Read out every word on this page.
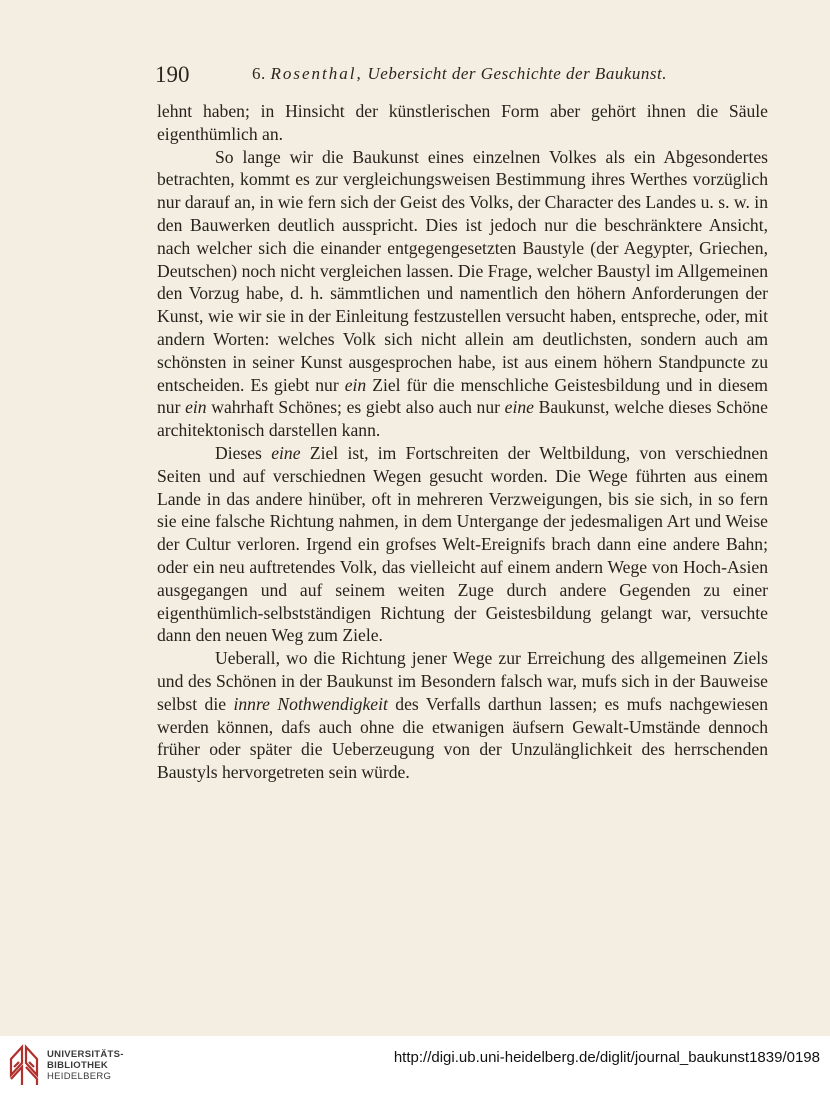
190	6. Rosenthal, Uebersicht der Geschichte der Baukunst.

lehnt haben; in Hinsicht der künstlerischen Form aber gehört ihnen die Säule eigenthümlich an.

So lange wir die Baukunst eines einzelnen Volkes als ein Abgesondertes betrachten, kommt es zur vergleichungsweisen Bestimmung ihres Werthes vorzüglich nur darauf an, in wie fern sich der Geist des Volks, der Character des Landes u. s. w. in den Bauwerken deutlich ausspricht. Dies ist jedoch nur die beschränktere Ansicht, nach welcher sich die einander entgegengesetzten Baustyle (der Aegypter, Griechen, Deutschen) noch nicht vergleichen lassen. Die Frage, welcher Baustyl im Allgemeinen den Vorzug habe, d. h. sämmtlichen und namentlich den höhern Anforderungen der Kunst, wie wir sie in der Einleitung festzustellen versucht haben, entspreche, oder, mit andern Worten: welches Volk sich nicht allein am deutlichsten, sondern auch am schönsten in seiner Kunst ausgesprochen habe, ist aus einem höhern Standpuncte zu entscheiden. Es giebt nur ein Ziel für die menschliche Geistesbildung und in diesem nur ein wahrhaft Schönes; es giebt also auch nur eine Baukunst, welche dieses Schöne architektonisch darstellen kann.

Dieses eine Ziel ist, im Fortschreiten der Weltbildung, von verschiednen Seiten und auf verschiednen Wegen gesucht worden. Die Wege führten aus einem Lande in das andere hinüber, oft in mehreren Verzweigungen, bis sie sich, in so fern sie eine falsche Richtung nahmen, in dem Untergange der jedesmaligen Art und Weise der Cultur verloren. Irgend ein grofses Welt-Ereignifs brach dann eine andere Bahn; oder ein neu auftretendes Volk, das vielleicht auf einem andern Wege von Hoch-Asien ausgegangen und auf seinem weiten Zuge durch andere Gegenden zu einer eigenthümlich-selbstständigen Richtung der Geistesbildung gelangt war, versuchte dann den neuen Weg zum Ziele.

Ueberall, wo die Richtung jener Wege zur Erreichung des allgemeinen Ziels und des Schönen in der Baukunst im Besondern falsch war, mufs sich in der Bauweise selbst die innre Nothwendigkeit des Verfalls darthun lassen; es mufs nachgewiesen werden können, dafs auch ohne die etwanigen äufsern Gewalt-Umstände dennoch früher oder später die Ueberzeugung von der Unzulänglichkeit des herrschenden Baustyls hervorgetreten sein würde.

UNIVERSITÄTS-
BIBLIOTHEK
HEIDELBERG
http://digi.ub.uni-heidelberg.de/diglit/journal_baukunst1839/0198
